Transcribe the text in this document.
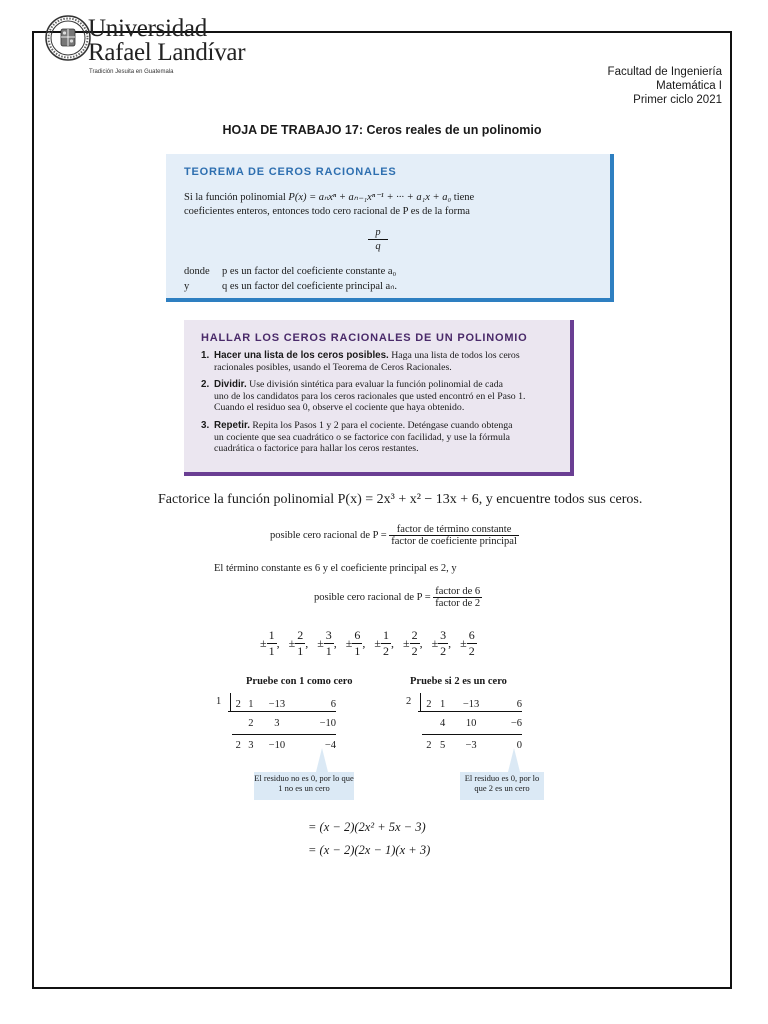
Universidad
Rafael Landívar
Tradición Jesuita en Guatemala	Facultad de Ingeniería
Matemática I
Primer ciclo 2021
HOJA DE TRABAJO 17: Ceros reales de un polinomio
TEOREMA DE CEROS RACIONALES
Si la función polinomial P(x) = aₙxⁿ + aₙ₋₁xⁿ⁻¹ + ··· + a₁x + a₀ tiene
coeficientes enteros, entonces todo cero racional de P es de la forma
$\frac{p}{q}$
donde p es un factor del coeficiente constante a₀
y	q es un factor del coeficiente principal aₙ.
HALLAR LOS CEROS RACIONALES DE UN POLINOMIO
1. Hacer una lista de los ceros posibles. Haga una lista de todos los ceros
racionales posibles, usando el Teorema de Ceros Racionales.
2. Dividir. Use división sintética para evaluar la función polinomial de cada
uno de los candidatos para los ceros racionales que usted encontró en el Paso 1.
Cuando el residuo sea 0, observe el cociente que haya obtenido.
3. Repetir. Repita los Pasos 1 y 2 para el cociente. Deténgase cuando obtenga
un cociente que sea cuadrático o se factorice con facilidad, y use la fórmula
cuadrática o factorice para hallar los ceros restantes.
Factorice la función polinomial P(x) = 2x³ + x² − 13x + 6, y encuentre todos sus ceros.
posible cero racional de $P = \frac{\text{factor de término constante}}{\text{factor de coeficiente principal}}$
El término constante es 6 y el coeficiente principal es 2, y
posible cero racional de $P = \frac{\text{factor de 6}}{\text{factor de 2}}$
± $\frac{1}{1}$ ,   ± $\frac{2}{1}$ ,   ± $\frac{3}{1}$ ,   ± $\frac{6}{1}$ ,   ± $\frac{1}{2}$ ,   ± $\frac{2}{2}$ ,   ± $\frac{3}{2}$ ,   ± $\frac{6}{2}$
Pruebe con 1 como cero
1 2	1	−13	6
	2	3	−10
2	3	−10	−4
El residuo no es 0, por lo que 1 no es un cero
Pruebe si 2 es un cero
2 2	1	−13	6
	4	10	−6
2	5	−3	0
El residuo es 0, por lo que 2 es un cero
= (x − 2)(2x² + 5x − 3)
= (x − 2)(2x − 1)(x + 3)
